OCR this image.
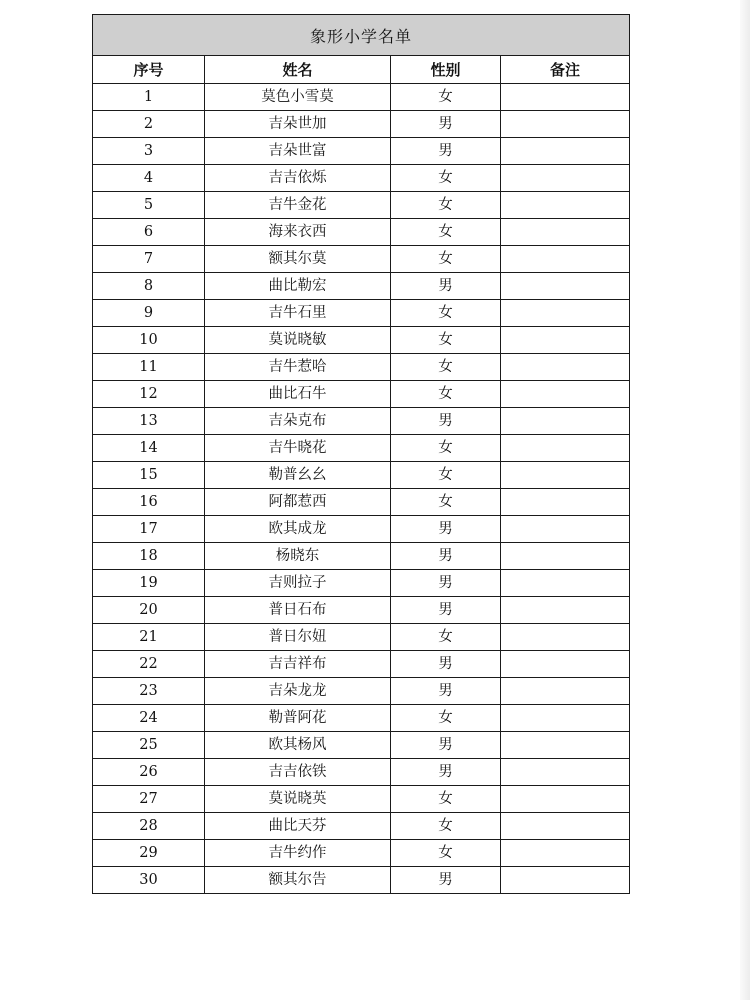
象形小学名单			
序号	姓名	性别	备注
1	莫色小雪莫	女	
2	吉朵世加	男	
3	吉朵世富	男	
4	吉吉依烁	女	
5	吉牛金花	女	
6	海来衣西	女	
7	额其尔莫	女	
8	曲比勒宏	男	
9	吉牛石里	女	
10	莫说晓敏	女	
11	吉牛惹哈	女	
12	曲比石牛	女	
13	吉朵克布	男	
14	吉牛晓花	女	
15	勒普幺幺	女	
16	阿都惹西	女	
17	欧其成龙	男	
18	杨晓东	男	
19	吉则拉子	男	
20	普日石布	男	
21	普日尔妞	女	
22	吉吉祥布	男	
23	吉朵龙龙	男	
24	勒普阿花	女	
25	欧其杨风	男	
26	吉吉依铁	男	
27	莫说晓英	女	
28	曲比天芬	女	
29	吉牛约作	女	
30	额其尔告	男	
